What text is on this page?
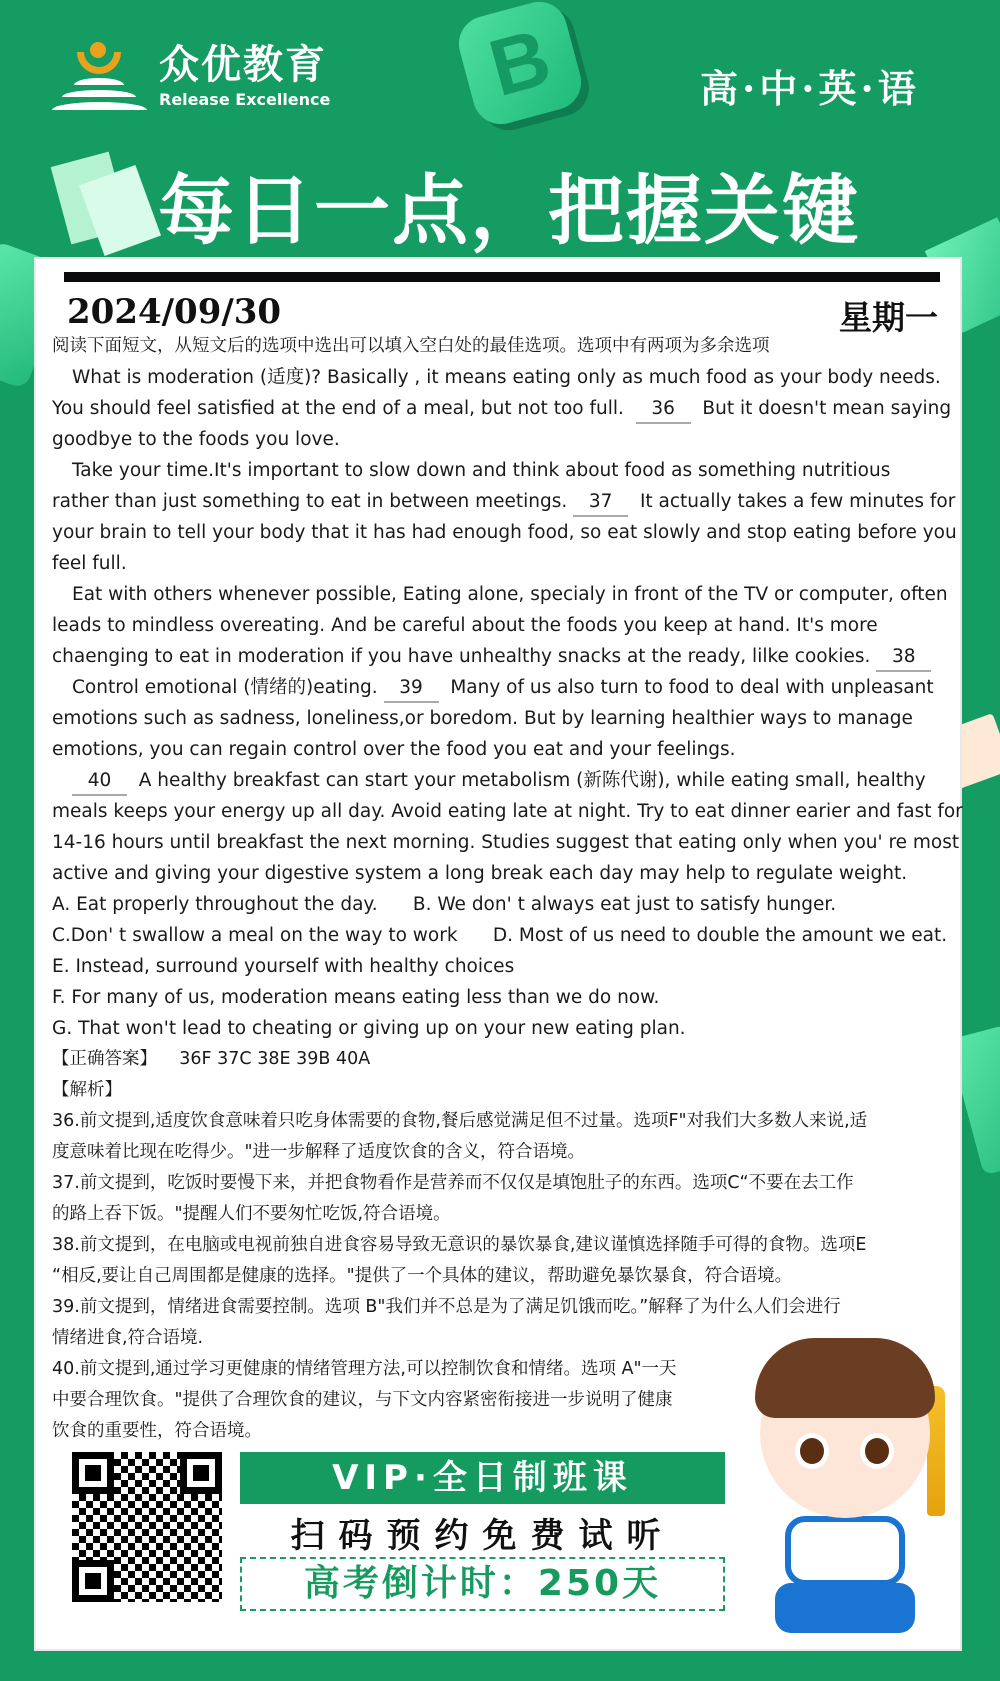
B
众优教育
Release Excellence	高·中·英·语
每日一点，把握关键
2024/09/30	星期一

阅读下面短文，从短文后的选项中选出可以填入空白处的最佳选项。选项中有两项为多余选项

What is moderation (适度)? Basically , it means eating only as much food as your body needs.

You should feel satisfied at the end of a meal, but not too full. 36 But it doesn't mean saying

goodbye to the foods you love.

Take your time.It's important to slow down and think about food as something nutritious

rather than just something to eat in between meetings. 37 It actually takes a few minutes for

your brain to tell your body that it has had enough food, so eat slowly and stop eating before you

feel full.

Eat with others whenever possible, Eating alone, specialy in front of the TV or computer, often

leads to mindless overeating. And be careful about the foods you keep at hand. It's more

chaenging to eat in moderation if you have unhealthy snacks at the ready, lilke cookies. 38

Control emotional (情绪的)eating. 39 Many of us also turn to food to deal with unpleasant

emotions such as sadness, loneliness,or boredom. But by learning healthier ways to manage

emotions, you can regain control over the food you eat and your feelings.

40 A healthy breakfast can start your metabolism (新陈代谢), while eating small, healthy

meals keeps your energy up all day. Avoid eating late at night. Try to eat dinner earier and fast for

14-16 hours until breakfast the next morning. Studies suggest that eating only when you' re most

active and giving your digestive system a long break each day may help to regulate weight.

A. Eat properly throughout the day. B. We don' t always eat just to satisfy hunger.

C.Don' t swallow a meal on the way to work D. Most of us need to double the amount we eat.

E. Instead, surround yourself with healthy choices

F. For many of us, moderation means eating less than we do now.

G. That won't lead to cheating or giving up on your new eating plan.

【正确答案】 36F 37C 38E 39B 40A

【解析】

36.前文提到,适度饮食意味着只吃身体需要的食物,餐后感觉满足但不过量。选项F"对我们大多数人来说,适

度意味着比现在吃得少。"进一步解释了适度饮食的含义，符合语境。

37.前文提到，吃饭时要慢下来，并把食物看作是营养而不仅仅是填饱肚子的东西。选项C“不要在去工作

的路上吞下饭。"提醒人们不要匆忙吃饭,符合语境。

38.前文提到，在电脑或电视前独自进食容易导致无意识的暴饮暴食,建议谨慎选择随手可得的食物。选项E

“相反,要让自己周围都是健康的选择。"提供了一个具体的建议，帮助避免暴饮暴食，符合语境。

39.前文提到，情绪进食需要控制。选项 B"我们并不总是为了满足饥饿而吃。”解释了为什么人们会进行

情绪进食,符合语境.

40.前文提到,通过学习更健康的情绪管理方法,可以控制饮食和情绪。选项 A"一天

中要合理饮食。"提供了合理饮食的建议，与下文内容紧密衔接进一步说明了健康

饮食的重要性，符合语境。

VIP·全日制班课
扫码预约免费试听
高考倒计时：250天
